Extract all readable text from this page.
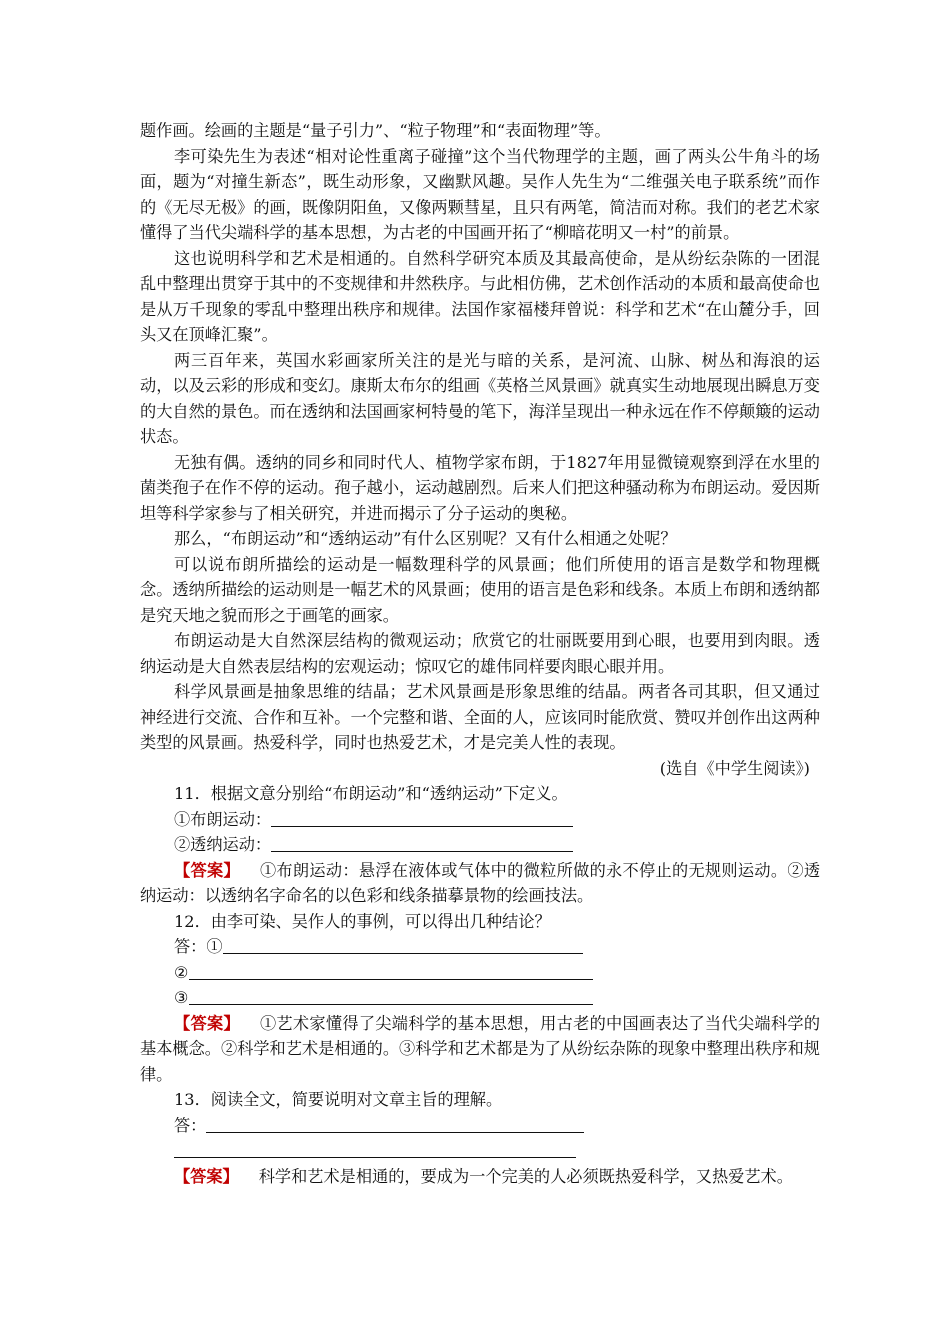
题作画。绘画的主题是“量子引力”、“粒子物理”和“表面物理”等。

李可染先生为表述“相对论性重离子碰撞”这个当代物理学的主题，画了两头公牛角斗的场面，题为“对撞生新态”，既生动形象，又幽默风趣。吴作人先生为“二维强关电子联系统”而作的《无尽无极》的画，既像阴阳鱼，又像两颗彗星，且只有两笔，简洁而对称。我们的老艺术家懂得了当代尖端科学的基本思想，为古老的中国画开拓了“柳暗花明又一村”的前景。

这也说明科学和艺术是相通的。自然科学研究本质及其最高使命，是从纷纭杂陈的一团混乱中整理出贯穿于其中的不变规律和井然秩序。与此相仿佛，艺术创作活动的本质和最高使命也是从万千现象的零乱中整理出秩序和规律。法国作家福楼拜曾说：科学和艺术“在山麓分手，回头又在顶峰汇聚”。

两三百年来，英国水彩画家所关注的是光与暗的关系，是河流、山脉、树丛和海浪的运动，以及云彩的形成和变幻。康斯太布尔的组画《英格兰风景画》就真实生动地展现出瞬息万变的大自然的景色。而在透纳和法国画家柯特曼的笔下，海洋呈现出一种永远在作不停颠簸的运动状态。

无独有偶。透纳的同乡和同时代人、植物学家布朗，于1827年用显微镜观察到浮在水里的菌类孢子在作不停的运动。孢子越小，运动越剧烈。后来人们把这种骚动称为布朗运动。爱因斯坦等科学家参与了相关研究，并进而揭示了分子运动的奥秘。

那么，“布朗运动”和“透纳运动”有什么区别呢？又有什么相通之处呢？

可以说布朗所描绘的运动是一幅数理科学的风景画；他们所使用的语言是数学和物理概念。透纳所描绘的运动则是一幅艺术的风景画；使用的语言是色彩和线条。本质上布朗和透纳都是究天地之貌而形之于画笔的画家。

布朗运动是大自然深层结构的微观运动；欣赏它的壮丽既要用到心眼，也要用到肉眼。透纳运动是大自然表层结构的宏观运动；惊叹它的雄伟同样要肉眼心眼并用。

科学风景画是抽象思维的结晶；艺术风景画是形象思维的结晶。两者各司其职，但又通过神经进行交流、合作和互补。一个完整和谐、全面的人，应该同时能欣赏、赞叹并创作出这两种类型的风景画。热爱科学，同时也热爱艺术，才是完美人性的表现。

(选自《中学生阅读》)

11．根据文意分别给“布朗运动”和“透纳运动”下定义。

①布朗运动：

②透纳运动：

【答案】 ①布朗运动：悬浮在液体或气体中的微粒所做的永不停止的无规则运动。②透纳运动：以透纳名字命名的以色彩和线条描摹景物的绘画技法。

12．由李可染、吴作人的事例，可以得出几种结论？

答：①

②

③

【答案】 ①艺术家懂得了尖端科学的基本思想，用古老的中国画表达了当代尖端科学的基本概念。②科学和艺术是相通的。③科学和艺术都是为了从纷纭杂陈的现象中整理出秩序和规律。

13．阅读全文，简要说明对文章主旨的理解。

答：

【答案】 科学和艺术是相通的，要成为一个完美的人必须既热爱科学，又热爱艺术。
